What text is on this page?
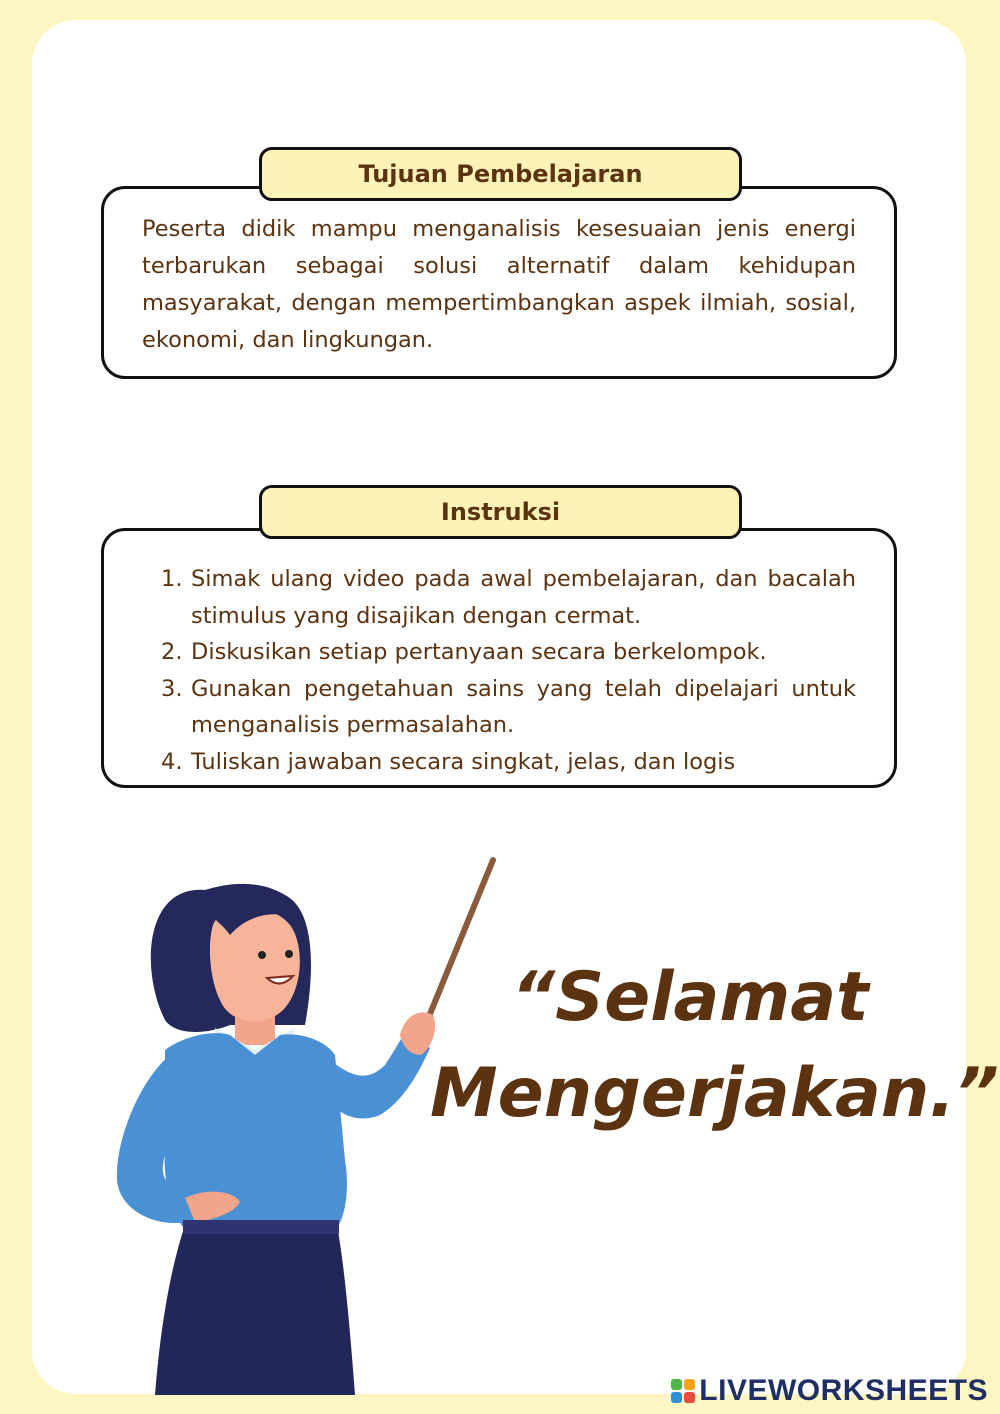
Peserta didik mampu menganalisis kesesuaian jenis energi terbarukan sebagai solusi alternatif dalam kehidupan masyarakat, dengan mempertimbangkan aspek ilmiah, sosial, ekonomi, dan lingkungan.

Tujuan Pembelajaran
1. Simak ulang video pada awal pembelajaran, dan bacalah stimulus yang disajikan dengan cermat.
2. Diskusikan setiap pertanyaan secara berkelompok.
3. Gunakan pengetahuan sains yang telah dipelajari untuk menganalisis permasalahan.
4. Tuliskan jawaban secara singkat, jelas, dan logis
Instruksi
“Selamat
Mengerjakan.”
LIVEWORKSHEETS
